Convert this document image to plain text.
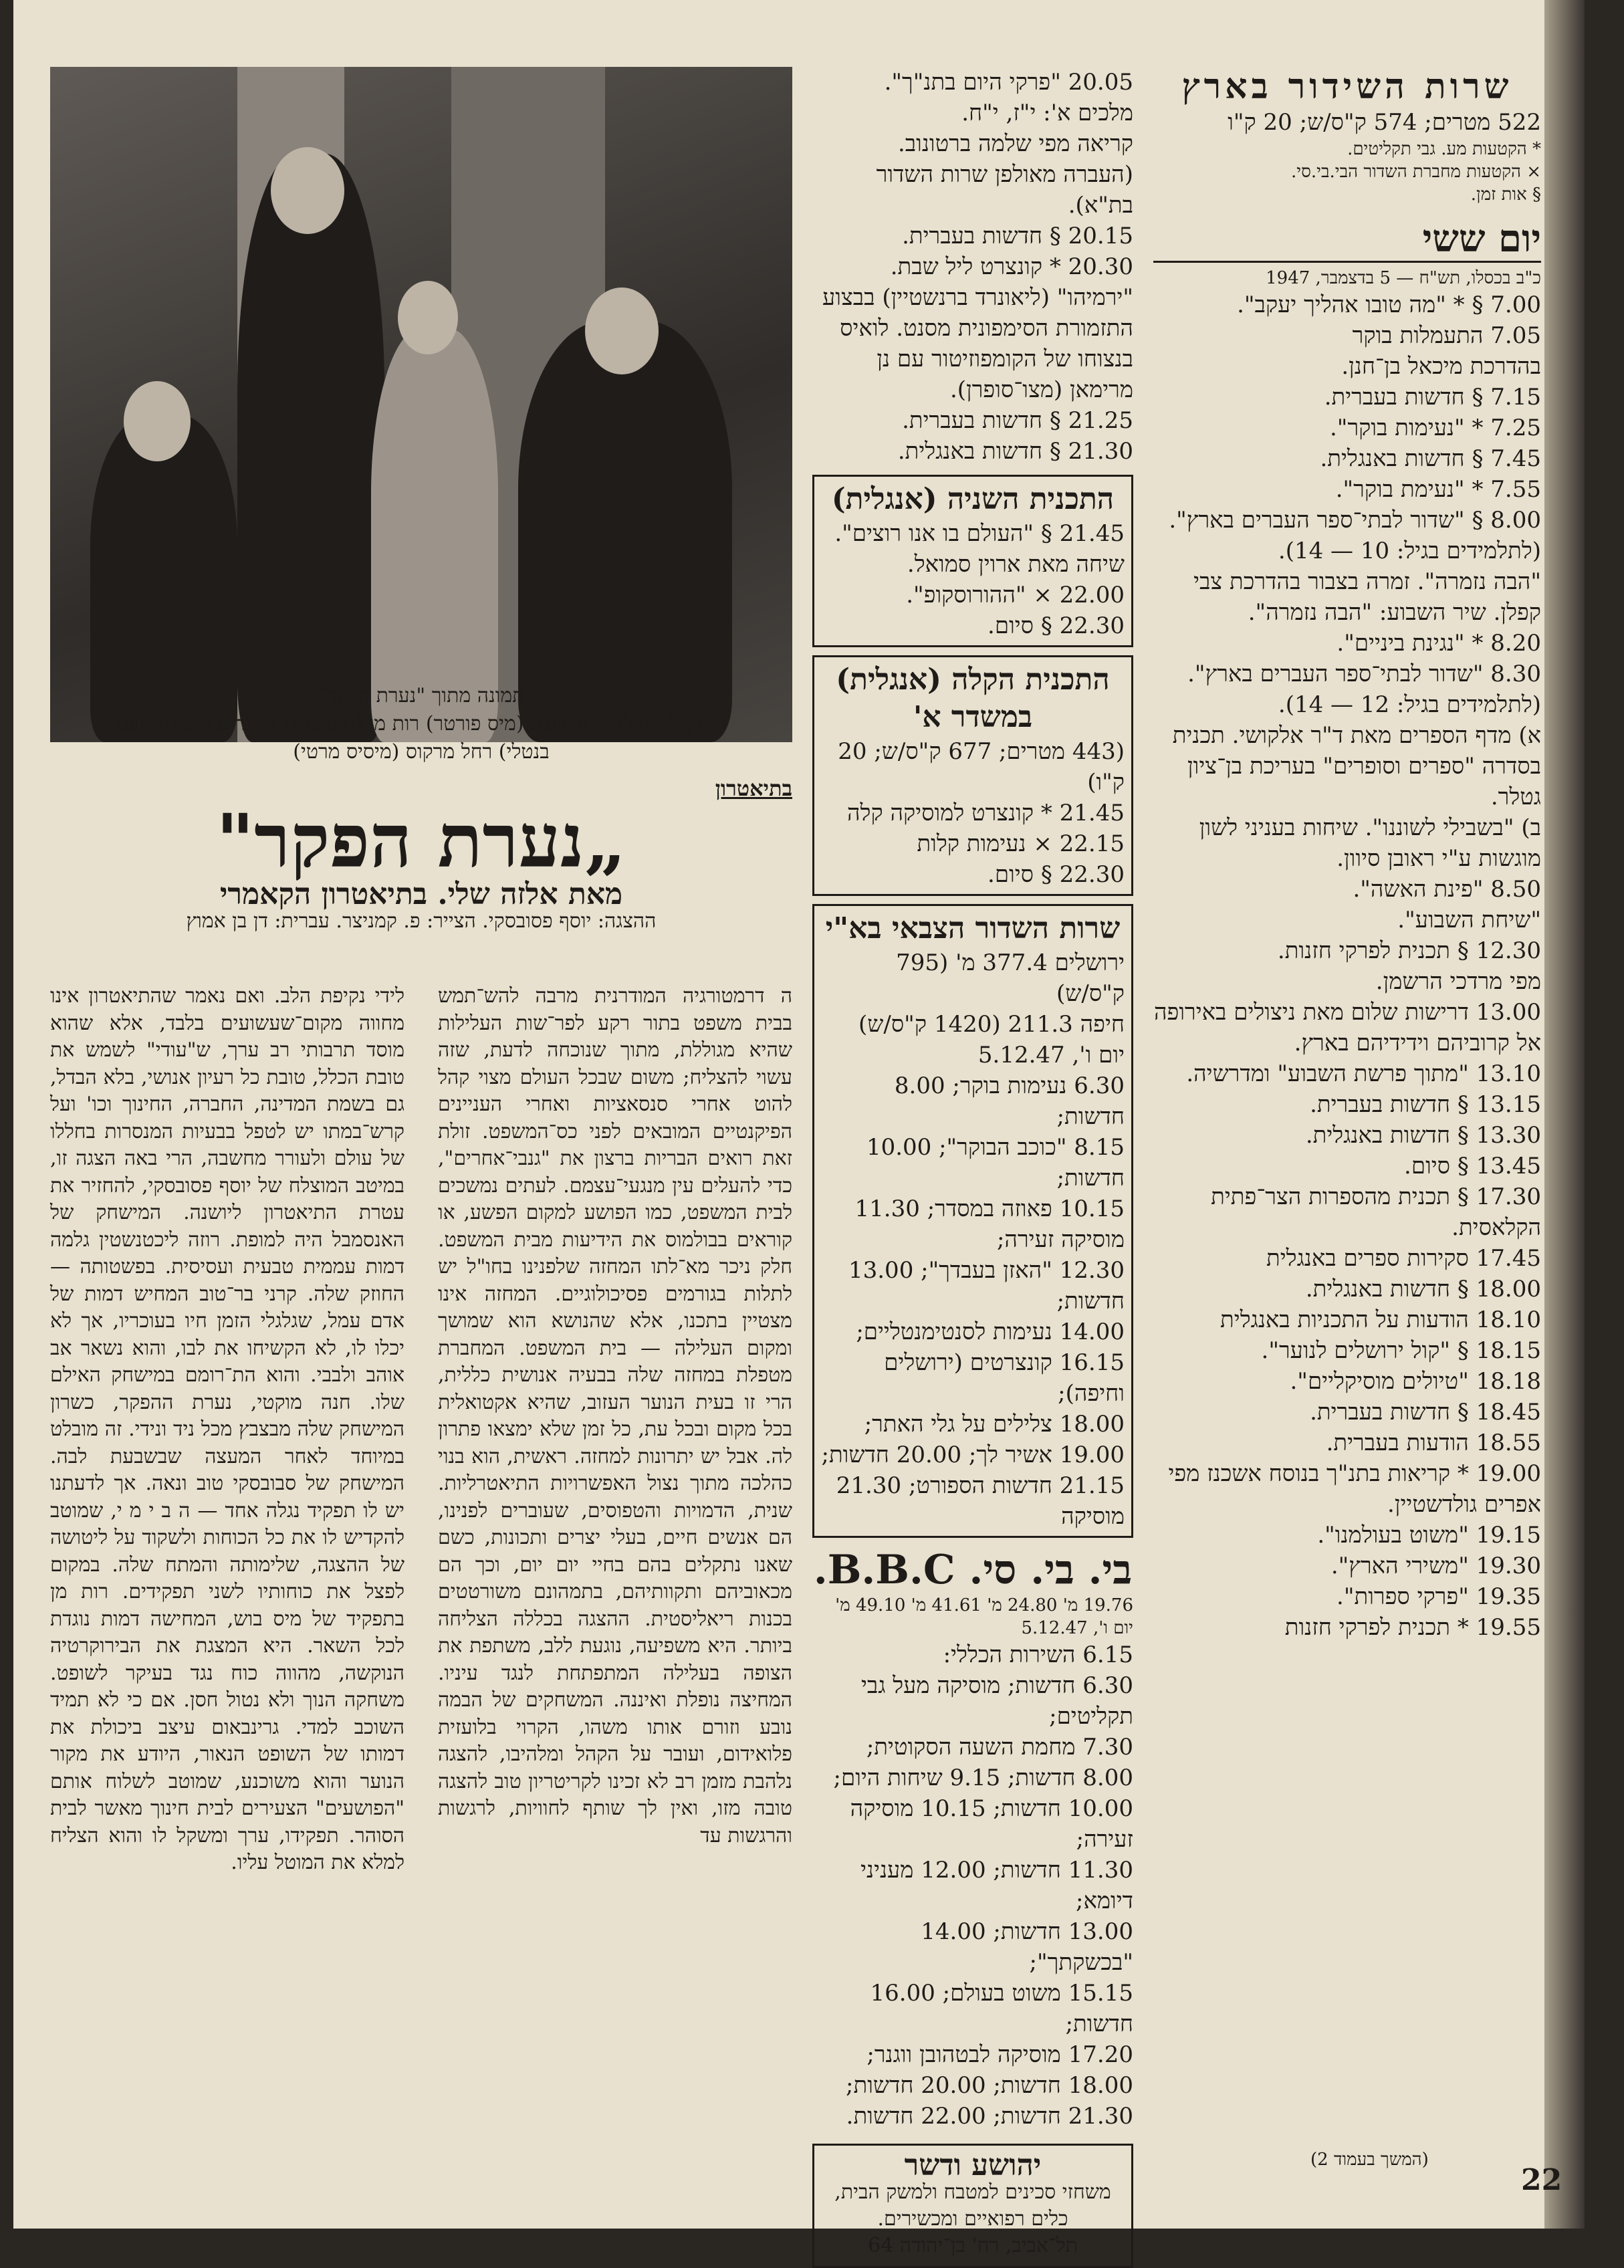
שרות השידור בארץ

522 מטרים; 574 ק"ס/ש; 20 ק"ו

* הקטעות מע. גבי תקליטים.

× הקטעות מחברת השדור הבי.בי.סי.

§ אות זמן.

יום ששי

כ"ב בכסלו, תש"ח — 5 בדצמבר, 1947

7.00 § * "מה טובו אהליך יעקב".

7.05 התעמלות בוקר

בהדרכת מיכאל בן־חנן.

7.15 § חדשות בעברית.

7.25 * "נעימות בוקר".

7.45 § חדשות באנגלית.

7.55 * "נעימת בוקר".

8.00 § "שדור לבתי־ספר העברים בארץ".

(לתלמידים בגיל: 10 — 14).

"הבה נזמרה". זמרה בצבור בהדרכת צבי קפלן. שיר השבוע: "הבה נזמרה".

8.20 * "נגינת ביניים".

8.30 "שדור לבתי־ספר העברים בארץ".

(לתלמידים בגיל: 12 — 14).

א) מדף הספרים מאת ד"ר אלקושי. תכנית בסדרה "ספרים וסופרים" בעריכת בן־ציון גטלר.

ב) "בשבילי לשוננו". שיחות בעניני לשון מוגשות ע"י ראובן סיוון.

8.50 "פינת האשה".

"שיחת השבוע".

12.30 § תכנית לפרקי חזנות.

מפי מרדכי הרשמן.

13.00 דרישות שלום מאת ניצולים באירופה אל קרוביהם וידידיהם בארץ.

13.10 "מתוך פרשת השבוע" ומדרשיה.

13.15 § חדשות בעברית.

13.30 § חדשות באנגלית.

13.45 § סיום.

17.30 § תכנית מהספרות הצר־פתית הקלאסית.

17.45 סקירות ספרים באנגלית

18.00 § חדשות באנגלית.

18.10 הודעות על התכניות באנגלית

18.15 § "קול ירושלים לנוער".

18.18 "טיולים מוסיקליים".

18.45 § חדשות בעברית.

18.55 הודעות בעברית.

19.00 * קריאות בתנ"ך בנוסח אשכנז מפי אפרים גולדשטיין.

19.15 "משוט בעולמנו".

19.30 "משירי הארץ".

19.35 "פרקי ספרות".

19.55 * תכנית לפרקי חזנות

20.05 "פרקי היום בתנ"ך".

מלכים א': י"ז, י"ח.

קריאה מפי שלמה ברטונוב.

(העברה מאולפן שרות השדור בת"א).

20.15 § חדשות בעברית.

20.30 * קונצרט ליל שבת.

"ירמיהו" (ליאונרד ברנשטיין) בבצוע התזמורת הסימפונית מסנט. לואיס בנצוחו של הקומפוזיטור עם נן מרימאן (מצו־סופרן).

21.25 § חדשות בעברית.

21.30 § חדשות באנגלית.

התכנית השניה (אנגלית)

21.45 § "העולם בו אנו רוצים".

שיחה מאת ארוין סמואל.

22.00 × "ההורוסקופ".

22.30 § סיום.

התכנית הקלה (אנגלית) במשדר א'

(443 מטרים; 677 ק"ס/ש; 20 ק"ו)

21.45 * קונצרט למוסיקה קלה

22.15 × נעימות קלות

22.30 § סיום.

שרות השדור הצבאי בא"י

ירושלים 377.4 מ' (795 ק"ס/ש)

חיפה 211.3 (1420 ק"ס/ש)

יום ו', 5.12.47

6.30 נעימות בוקר; 8.00 חדשות;

8.15 "כוכב הבוקר"; 10.00 חדשות;

10.15 פאוזה במסדר; 11.30 מוסיקה זעירה;

12.30 "האזן בעבדך"; 13.00 חדשות;

14.00 נעימות לסנטימנטליים;

16.15 קונצרטים (ירושלים וחיפה);

18.00 צלילים על גלי האתר;

19.00 אשיר לך; 20.00 חדשות;

21.15 חדשות הספורט; 21.30 מוסיקה

בי. בי. סי. B.B.C.

19.76 מ' 24.80 מ' 41.61 מ' 49.10 מ'

יום ו', 5.12.47

6.15 השירות הכללי:

6.30 חדשות; מוסיקה מעל גבי תקליטים;

7.30 מחמת השעה הסקוטית;

8.00 חדשות; 9.15 שיחות היום;

10.00 חדשות; 10.15 מוסיקה זעירה;

11.30 חדשות; 12.00 מעניני דיומא;

13.00 חדשות; 14.00 "בכשקתך";

15.15 משוט בעולם; 16.00 חדשות;

17.20 מוסיקה לבטהובן ווגנר;

18.00 חדשות; 20.00 חדשות;

21.30 חדשות; 22.00 חדשות.

יהושע ודשר
משחזי סכינים למטבח ולמשק הבית, כלים רפואיים ומכשירים.
תל־אביב, רח' בן־יהודה 64
תמונה מתוך "נערת הפקר"
מימין לשמאל: ל. גולצובה (מיס פורטר) רות מן (מיס בוש) ט. גרינבאום (השופט
בנטלי) רחל מרקוס (מיסיס מרטי)
בתיאטרון
„נערת הפקר"
מאת אלזה שלי. בתיאטרון הקאמרי
ההצגה: יוסף פסובסקי. הצייר: פ. קמניצר. עברית: דן בן אמוץ
ה דרמטורגיה המודרנית מרבה להש־תמש בבית משפט בתור רקע לפר־שות העלילות שהיא מגוללת, מתוך שנוכחה לדעת, שזה עשוי להצליח; משום שבכל העולם מצוי קהל להוט אחרי סנסאציות ואחרי העניינים הפיקנטיים המובאים לפני כס־המשפט. זולת זאת רואים הבריות ברצון את "גנבי־אחרים", כדי להעלים עין מנגעי־עצמם. לעתים נמשכים לבית המשפט, כמו הפושע למקום הפשע, או קוראים בבולמוס את הידיעות מבית המשפט. חלק ניכר מא־לתו המחזה שלפנינו בחו"ל יש לתלות בגורמים פסיכולוגיים. המחזה אינו מצטיין בתכנו, אלא שהנושא הוא שמושך ומקום העלילה — בית המשפט. המחברת מטפלת במחזה שלה בבעיה אנושית כללית, הרי זו בעית הנוער העזוב, שהיא אקטואלית בכל מקום ובכל עת, כל זמן שלא ימצאו פתרון לה. אבל יש יתרונות למחזה. ראשית, הוא בנוי כהלכה מתוך נצול האפשרויות התיאטרליות. שנית, הדמויות והטפוסים, שעוברים לפנינו, הם אנשים חיים, בעלי יצרים ותכונות, כשם שאנו נתקלים בהם בחיי יום יום, וכך הם מכאוביהם ותקוותיהם, בתמהונם משורטטים בכנות ריאליסטית. ההצגה בכללה הצליחה ביותר. היא משפיעה, נוגעת ללב, משתפת את הצופה בעלילה המתפתחת לנגד עיניו. המחיצה נופלת ואיננה. המשחקים של הבמה נובע וזורם אותו משהו, הקרוי בלועזית פלואידום, ועובר על הקהל ומלהיבו, להצגה נלהבת מזמן רב לא זכינו לקריטריון טוב להצגה טובה מזו, ואין לך שותף לחוויות, לרגשות והרגשות עד
לידי נקיפת הלב. ואם נאמר שהתיאטרון אינו מחווה מקום־שעשועים בלבד, אלא שהוא מוסד תרבותי רב ערך, ש"עודי" לשמש את טובת הכלל, טובת כל רעיון אנושי, בלא הבדל, גם בשמת המדינה, החברה, החינוך וכו' ועל קרש־במתו יש לטפל בבעיות המנסרות בחללו של עולם ולעורר מחשבה, הרי באה הצגה זו, במיטב המוצלח של יוסף פסובסקי, להחזיר את עטרת התיאטרון ליושנה. המישחק של האנסמבל היה למופת. רוזה ליכטנשטין גלמה דמות עממית טבעית ועסיסית. בפשטותה — החוזק שלה. קרני בר־טוב המחיש דמות של אדם עמל, שגלגלי הזמן חיו בעוכריו, אך לא יכלו לו, לא הקשיחו את לבו, והוא נשאר אב אוהב ולבבי. והוא הת־רומם במישחק האילם שלו. חנה מוקטי, נערת ההפקר, כשרון המישחק שלה מבצבץ מכל ניד ונידי. זה מובלט במיוחד לאחר המעצה שבשבעת לבה. המישחק של סבובסקי טוב ונאה. אך לדעתנו יש לו תפקיד נגלה אחד — ה ב י מ י, שמוטב להקדיש לו את כל הכוחות ולשקוד על ליטושה של ההצגה, שלימותה והמתח שלה. במקום לפצל את כוחותיו לשני תפקידים. רות מן בתפקיד של מיס בוש, המחישה דמות נוגדת לכל השאר. היא המצגת את הבירוקרטיה הנוקשה, מהווה כוח נגד בעיקר לשופט. משחקה הנוך ולא נטול חסן. אם כי לא תמיד השוכב למדי. גרינבאום עיצב ביכולת את דמותו של השופט הנאור, היודע את מקור הנוער והוא משוכנע, שמוטב לשלוח אותם "הפושעים" הצעירים לבית חינוך מאשר לבית הסוהר. תפקידו, ערך ומשקל לו והוא הצליח למלא את המוטל עליו.
(המשך בעמוד 2)
22
